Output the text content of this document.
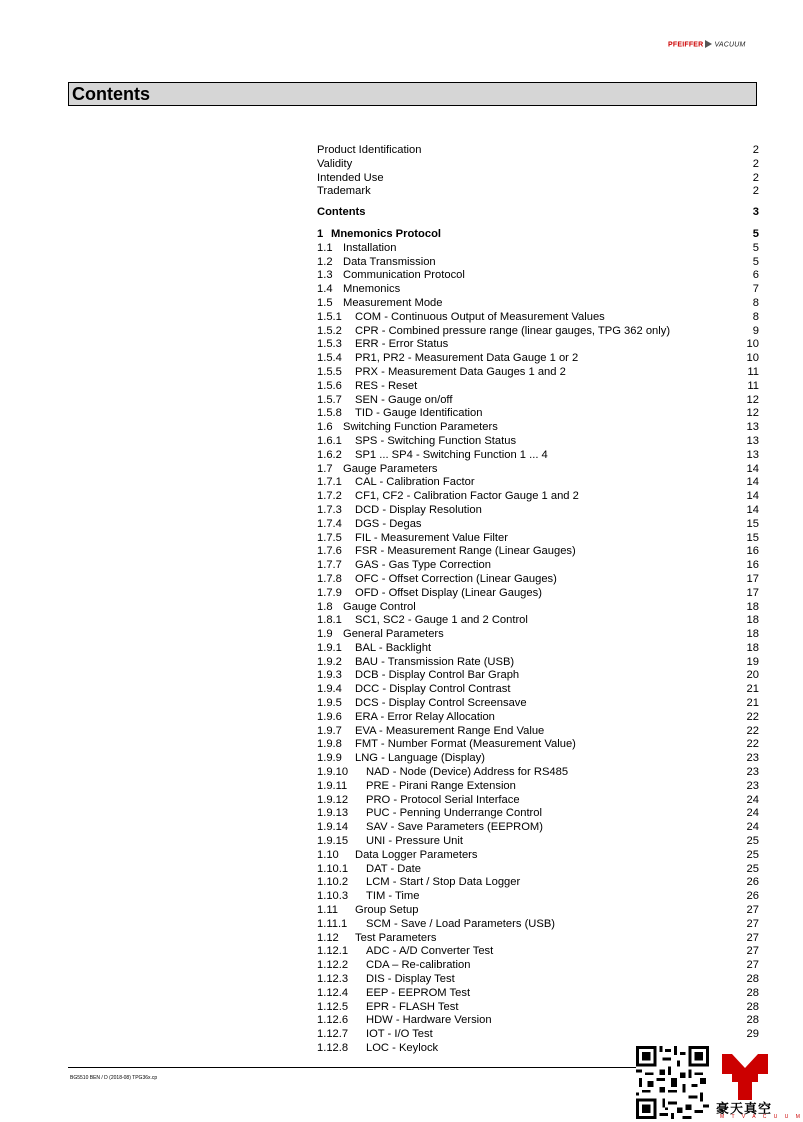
PFEIFFER VACUUM
Contents
Product Identification	2
Validity	2
Intended Use	2
Trademark	2
Contents	3
1 Mnemonics Protocol	5
1.1 Installation	5
1.2 Data Transmission	5
1.3 Communication Protocol	6
1.4 Mnemonics	7
1.5 Measurement Mode	8
1.5.1 COM - Continuous Output of Measurement Values	8
1.5.2 CPR - Combined pressure range (linear gauges, TPG 362 only)	9
1.5.3 ERR - Error Status	10
1.5.4 PR1, PR2 - Measurement Data Gauge 1 or 2	10
1.5.5 PRX - Measurement Data Gauges 1 and 2	11
1.5.6 RES - Reset	11
1.5.7 SEN - Gauge on/off	12
1.5.8 TID - Gauge Identification	12
1.6 Switching Function Parameters	13
1.6.1 SPS - Switching Function Status	13
1.6.2 SP1 ... SP4 - Switching Function 1 ... 4	13
1.7 Gauge Parameters	14
1.7.1 CAL - Calibration Factor	14
1.7.2 CF1, CF2 - Calibration Factor Gauge 1 and 2	14
1.7.3 DCD - Display Resolution	14
1.7.4 DGS - Degas	15
1.7.5 FIL - Measurement Value Filter	15
1.7.6 FSR - Measurement Range (Linear Gauges)	16
1.7.7 GAS - Gas Type Correction	16
1.7.8 OFC - Offset Correction (Linear Gauges)	17
1.7.9 OFD - Offset Display (Linear Gauges)	17
1.8 Gauge Control	18
1.8.1 SC1, SC2 - Gauge 1 and 2 Control	18
1.9 General Parameters	18
1.9.1 BAL - Backlight	18
1.9.2 BAU - Transmission Rate (USB)	19
1.9.3 DCB - Display Control Bar Graph	20
1.9.4 DCC - Display Control Contrast	21
1.9.5 DCS - Display Control Screensave	21
1.9.6 ERA - Error Relay Allocation	22
1.9.7 EVA - Measurement Range End Value	22
1.9.8 FMT - Number Format (Measurement Value)	22
1.9.9 LNG - Language (Display)	23
1.9.10 NAD - Node (Device) Address for RS485	23
1.9.11 PRE - Pirani Range Extension	23
1.9.12 PRO - Protocol Serial Interface	24
1.9.13 PUC - Penning Underrange Control	24
1.9.14 SAV - Save Parameters (EEPROM)	24
1.9.15 UNI - Pressure Unit	25
1.10 Data Logger Parameters	25
1.10.1 DAT - Date	25
1.10.2 LCM - Start / Stop Data Logger	26
1.10.3 TIM - Time	26
1.11 Group Setup	27
1.11.1 SCM - Save / Load Parameters (USB)	27
1.12 Test Parameters	27
1.12.1 ADC - A/D Converter Test	27
1.12.2 CDA – Re-calibration	27
1.12.3 DIS - Display Test	28
1.12.4 EEP - EEPROM Test	28
1.12.5 EPR - FLASH Test	28
1.12.6 HDW - Hardware Version	28
1.12.7 IOT - I/O Test	29
1.12.8 LOC - Keylock
BG5510 BEN / D (2018-08) TPG36x.cp
豪天真空
M T V A C U U M
